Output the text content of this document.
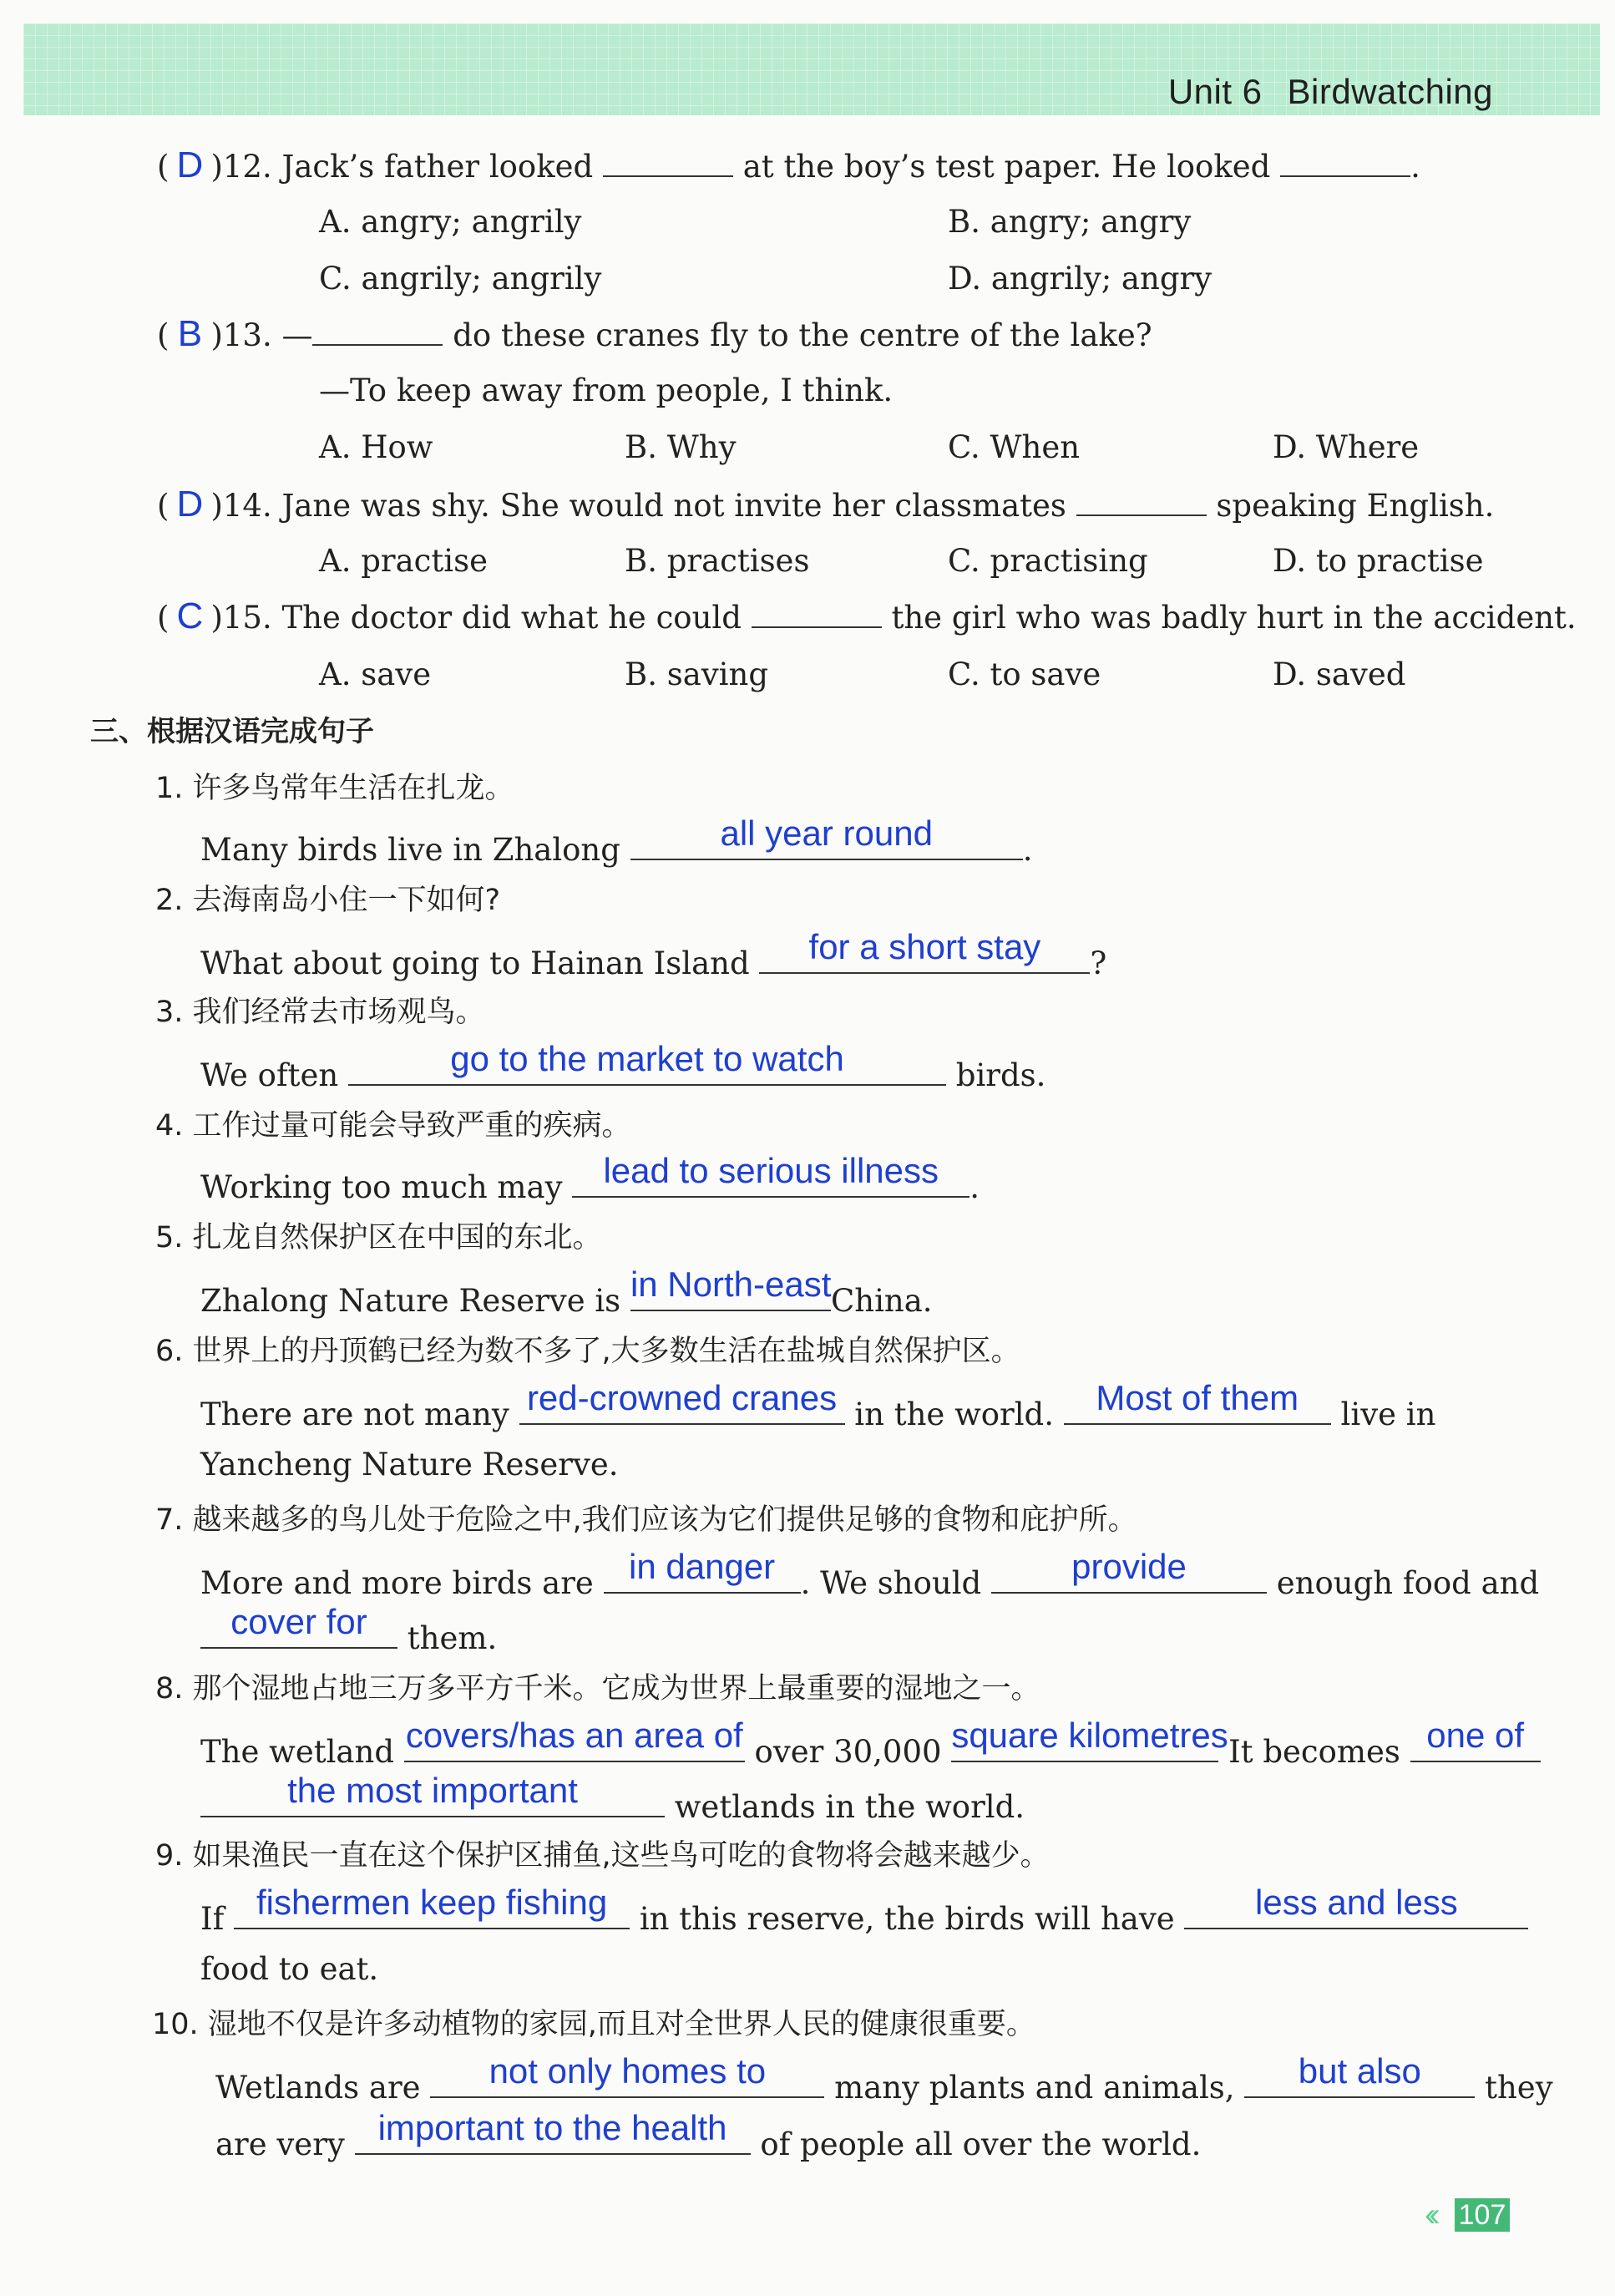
Unit 6 Birdwatching
( D )12. Jack’s father looked	at the boy’s test paper. He looked	.
A. angry; angrily	B. angry; angry
C. angrily; angrily	D. angrily; angry
( B )13. —	do these cranes fly to the centre of the lake?
—To keep away from people, I think.
A. How	B. Why	C. When	D. Where
( D )14. Jane was shy. She would not invite her classmates	speaking English.
A. practise	B. practises	C. practising	D. to practise
( C )15. The doctor did what he could	the girl who was badly hurt in the accident.
A. save	B. saving	C. to save	D. saved
三、根据汉语完成句子
1. 许多鸟常年生活在扎龙。
Many birds live in Zhalong	all year round	.
2. 去海南岛小住一下如何?
What about going to Hainan Island	for a short stay	?
3. 我们经常去市场观鸟。
We often	go to the market to watch	birds.
4. 工作过量可能会导致严重的疾病。
Working too much may	lead to serious illness	.
5. 扎龙自然保护区在中国的东北。
Zhalong Nature Reserve is in North-east China.
6. 世界上的丹顶鹤已经为数不多了,大多数生活在盐城自然保护区。
There are not many red-crowned cranes in the world.	Most of them	live in
Yancheng Nature Reserve.
7. 越来越多的鸟儿处于危险之中,我们应该为它们提供足够的食物和庇护所。
More and more birds are	in danger . We should	provide	enough food and
cover for	them.
8. 那个湿地占地三万多平方千米。它成为世界上最重要的湿地之一。
The wetland covers/has an area of over 30,000 square kilometres It becomes one of
the most important	wetlands in the world.
9. 如果渔民一直在这个保护区捕鱼,这些鸟可吃的食物将会越来越少。
If fishermen keep fishing	in this reserve, the birds will have	less and less
food to eat.
10. 湿地不仅是许多动植物的家园,而且对全世界人民的健康很重要。
Wetlands are	not only homes to	many plants and animals,	but also	they
are very important to the health	of people all over the world.
‹‹ 107
